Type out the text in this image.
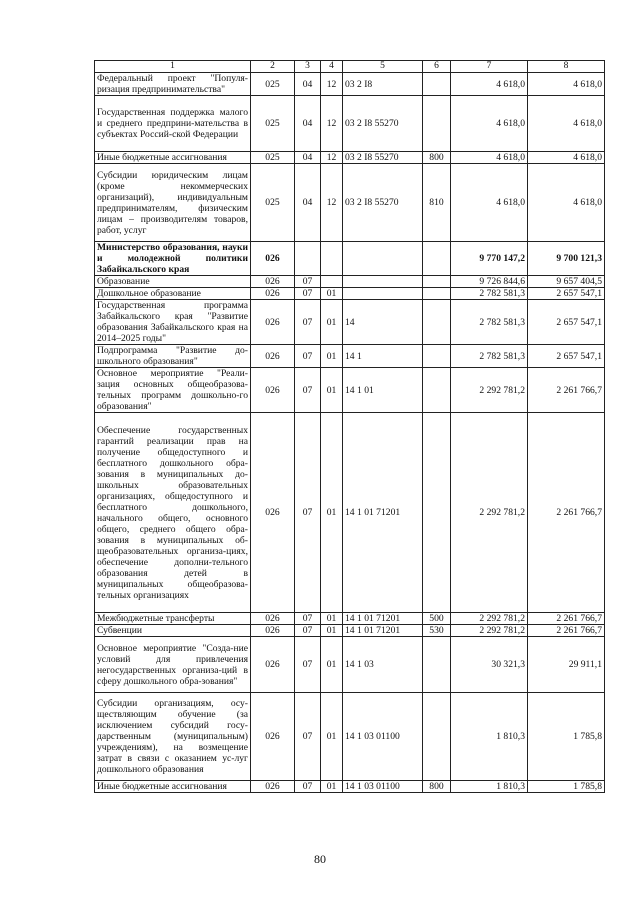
1	2	3	4	5	6	7	8
Федеральный проект "Популя-ризация предпринимательства"	025	04	12	03 2 I8		4 618,0	4 618,0
Государственная поддержка малого и среднего предприни-мательства в субъектах Россий-ской Федерации	025	04	12	03 2 I8 55270		4 618,0	4 618,0
Иные бюджетные ассигнования	025	04	12	03 2 I8 55270	800	4 618,0	4 618,0
Субсидии юридическим лицам (кроме некоммерческих организаций), индивидуальным предпринимателям, физическим лицам – производителям товаров, работ, услуг	025	04	12	03 2 I8 55270	810	4 618,0	4 618,0
Министерство образования, науки и молодежной политики Забайкальского края	026					9 770 147,2	9 700 121,3
Образование	026	07				9 726 844,6	9 657 404,5
Дошкольное образование	026	07	01			2 782 581,3	2 657 547,1
Государственная программа Забайкальского края "Развитие образования Забайкальского края на 2014–2025 годы"	026	07	01	14		2 782 581,3	2 657 547,1
Подпрограмма "Развитие до-школьного образования"	026	07	01	14 1		2 782 581,3	2 657 547,1
Основное мероприятие "Реали-зация основных общеобразова-тельных программ дошкольно-го образования"	026	07	01	14 1 01		2 292 781,2	2 261 766,7
Обеспечение государственных гарантий реализации прав на получение общедоступного и бесплатного дошкольного обра-зования в муниципальных до-школьных образовательных организациях, общедоступного и бесплатного дошкольного, начального общего, основного общего, среднего общего обра-зования в муниципальных об-щеобразовательных организа-циях, обеспечение дополни-тельного образования детей в муниципальных общеобразова-тельных организациях	026	07	01	14 1 01 71201		2 292 781,2	2 261 766,7
Межбюджетные трансферты	026	07	01	14 1 01 71201	500	2 292 781,2	2 261 766,7
Субвенции	026	07	01	14 1 01 71201	530	2 292 781,2	2 261 766,7
Основное мероприятие "Созда-ние условий для привлечения негосударственных организа-ций в сферу дошкольного обра-зования"	026	07	01	14 1 03		30 321,3	29 911,1
Субсидии организациям, осу-ществляющим обучение (за исключением субсидий госу-дарственным (муниципальным) учреждениям), на возмещение затрат в связи с оказанием ус-луг дошкольного образования	026	07	01	14 1 03 01100		1 810,3	1 785,8
Иные бюджетные ассигнования	026	07	01	14 1 03 01100	800	1 810,3	1 785,8
80
